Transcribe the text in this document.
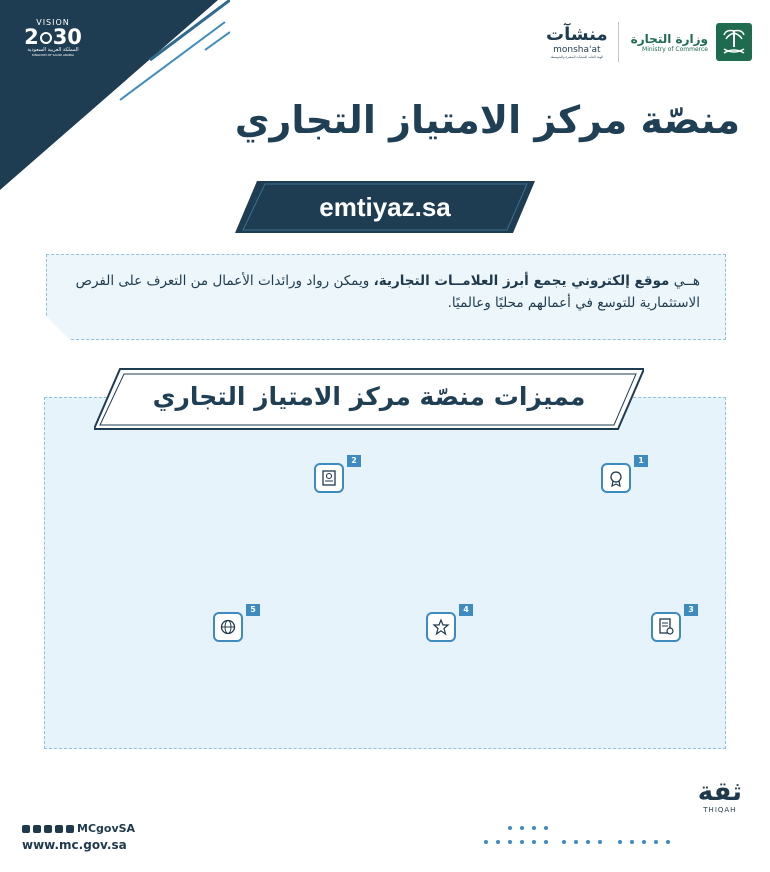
VISION
2 30
المملكة العربية السعودية
KINGDOM OF SAUDI ARABIA
وزارة التجارة
Ministry of Commerce
منشآت
monsha'at
الهيئة العامة للمنشآت الصغيرة والمتوسطة
منصّة مركز الامتياز التجاري
emtiyaz.sa

هــي موقع إلكتروني يجمع أبرز العلامــات التجارية، ويمكن رواد ورائدات الأعمال من التعرف على الفرص الاستثمارية للتوسع في أعمالهم محليًا وعالميًا.

مميزات منصّة مركز الامتياز التجاري
1

2

3

4

5

MCgovSA
www.mc.gov.sa
ثقة
THIQAH
